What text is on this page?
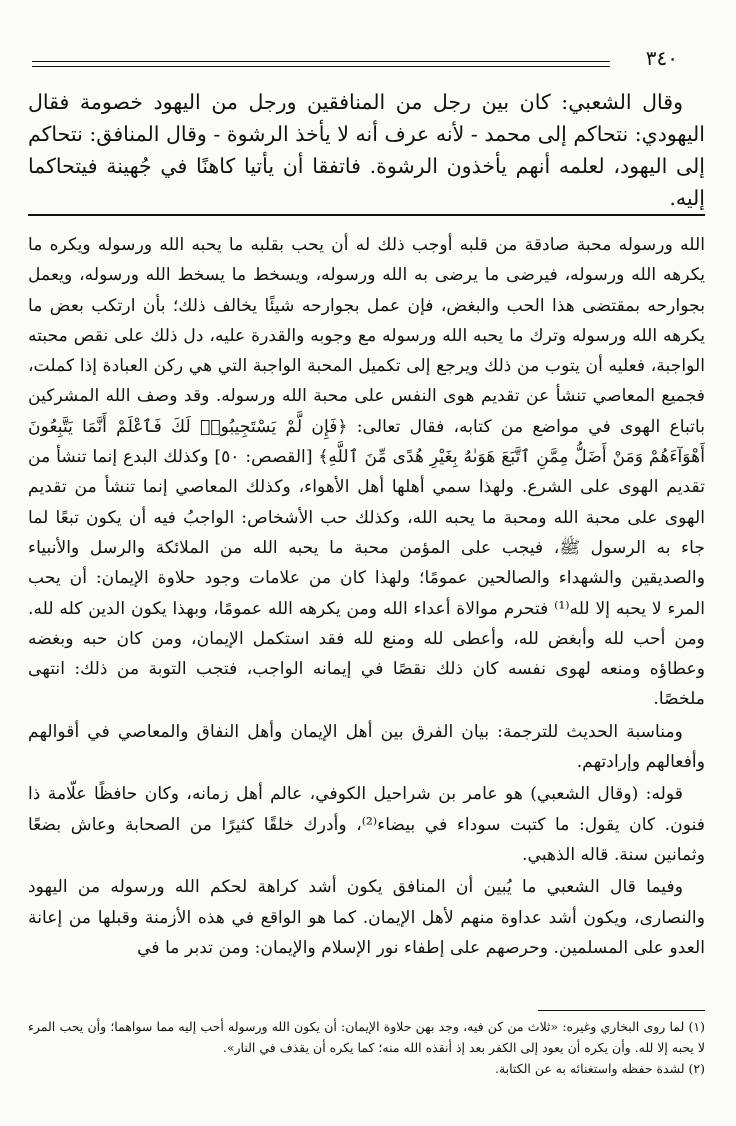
٣٤٠

وقال الشعبي: كان بين رجل من المنافقين ورجل من اليهود خصومة فقال اليهودي: نتحاكم إلى محمد - لأنه عرف أنه لا يأخذ الرشوة - وقال المنافق: نتحاكم إلى اليهود، لعلمه أنهم يأخذون الرشوة. فاتفقا أن يأتيا كاهنًا في جُهينة فيتحاكما إليه.

الله ورسوله محبة صادقة من قلبه أوجب ذلك له أن يحب بقلبه ما يحبه الله ورسوله ويكره ما يكرهه الله ورسوله، فيرضى ما يرضى به الله ورسوله، ويسخط ما يسخط الله ورسوله، ويعمل بجوارحه بمقتضى هذا الحب والبغض، فإن عمل بجوارحه شيئًا يخالف ذلك؛ بأن ارتكب بعض ما يكرهه الله ورسوله وترك ما يحبه الله ورسوله مع وجوبه والقدرة عليه، دل ذلك على نقص محبته الواجبة، فعليه أن يتوب من ذلك ويرجع إلى تكميل المحبة الواجبة التي هي ركن العبادة إذا كملت، فجميع المعاصي تنشأ عن تقديم هوى النفس على محبة الله ورسوله. وقد وصف الله المشركين باتباع الهوى في مواضع من كتابه، فقال تعالى: ﴿فَإِن لَّمْ يَسْتَجِيبُوا۟ لَكَ فَٱعْلَمْ أَنَّمَا يَتَّبِعُونَ أَهْوَآءَهُمْ وَمَنْ أَضَلُّ مِمَّنِ ٱتَّبَعَ هَوَىٰهُ بِغَيْرِ هُدًى مِّنَ ٱللَّهِ﴾ [القصص: ٥٠] وكذلك البدع إنما تنشأ من تقديم الهوى على الشرع. ولهذا سمي أهلها أهل الأهواء، وكذلك المعاصي إنما تنشأ من تقديم الهوى على محبة الله ومحبة ما يحبه الله، وكذلك حب الأشخاص: الواجبُ فيه أن يكون تبعًا لما جاء به الرسول ﷺ، فيجب على المؤمن محبة ما يحبه الله من الملائكة والرسل والأنبياء والصديقين والشهداء والصالحين عمومًا؛ ولهذا كان من علامات وجود حلاوة الإيمان: أن يحب المرء لا يحبه إلا لله⁽¹⁾ فتحرم موالاة أعداء الله ومن يكرهه الله عمومًا، وبهذا يكون الدين كله لله. ومن أحب لله وأبغض لله، وأعطى لله ومنع لله فقد استكمل الإيمان، ومن كان حبه وبغضه وعطاؤه ومنعه لهوى نفسه كان ذلك نقصًا في إيمانه الواجب، فتجب التوبة من ذلك: انتهى ملخصًا.

ومناسبة الحديث للترجمة: بيان الفرق بين أهل الإيمان وأهل النفاق والمعاصي في أقوالهم وأفعالهم وإرادتهم.

قوله: (وقال الشعبي) هو عامر بن شراحيل الكوفي، عالم أهل زمانه، وكان حافظًا علّامة ذا فنون. كان يقول: ما كتبت سوداء في بيضاء⁽²⁾، وأدرك خلقًا كثيرًا من الصحابة وعاش بضعًا وثمانين سنة. قاله الذهبي.

وفيما قال الشعبي ما يُبين أن المنافق يكون أشد كراهة لحكم الله ورسوله من اليهود والنصارى، ويكون أشد عداوة منهم لأهل الإيمان. كما هو الواقع في هذه الأزمنة وقبلها من إعانة العدو على المسلمين. وحرصهم على إطفاء نور الإسلام والإيمان: ومن تدبر ما في

(١) لما روى البخاري وغيره: «ثلاث من كن فيه، وجد بهن حلاوة الإيمان: أن يكون الله ورسوله أحب إليه مما سواهما؛ وأن يحب المرء لا يحبه إلا لله. وأن يكره أن يعود إلى الكفر بعد إذ أنقذه الله منه؛ كما يكره أن يقذف في النار».

(٢) لشدة حفظه واستغنائه به عن الكتابة.
